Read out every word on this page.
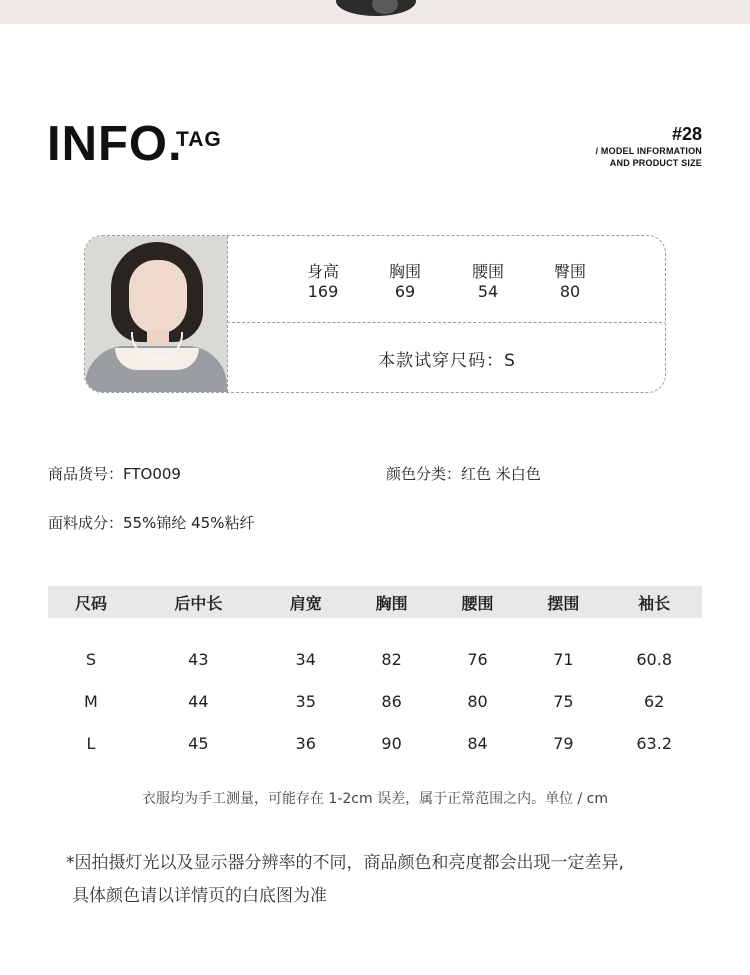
INFO.
TAG	#28
/ MODEL INFORMATION
AND PRODUCT SIZE
身高
169
胸围
69
腰围
54
臀围
80
本款试穿尺码：S
商品货号：FTO009	颜色分类：红色 米白色
面料成分：55%锦纶 45%粘纤
尺码	后中长	肩宽	胸围	腰围	摆围	袖长
S	43	34	82	76	71	60.8
M	44	35	86	80	75	62
L	45	36	90	84	79	63.2
衣服均为手工测量，可能存在 1-2cm 误差，属于正常范围之内。单位 / cm
*因拍摄灯光以及显示器分辨率的不同，商品颜色和亮度都会出现一定差异,
具体颜色请以详情页的白底图为准
